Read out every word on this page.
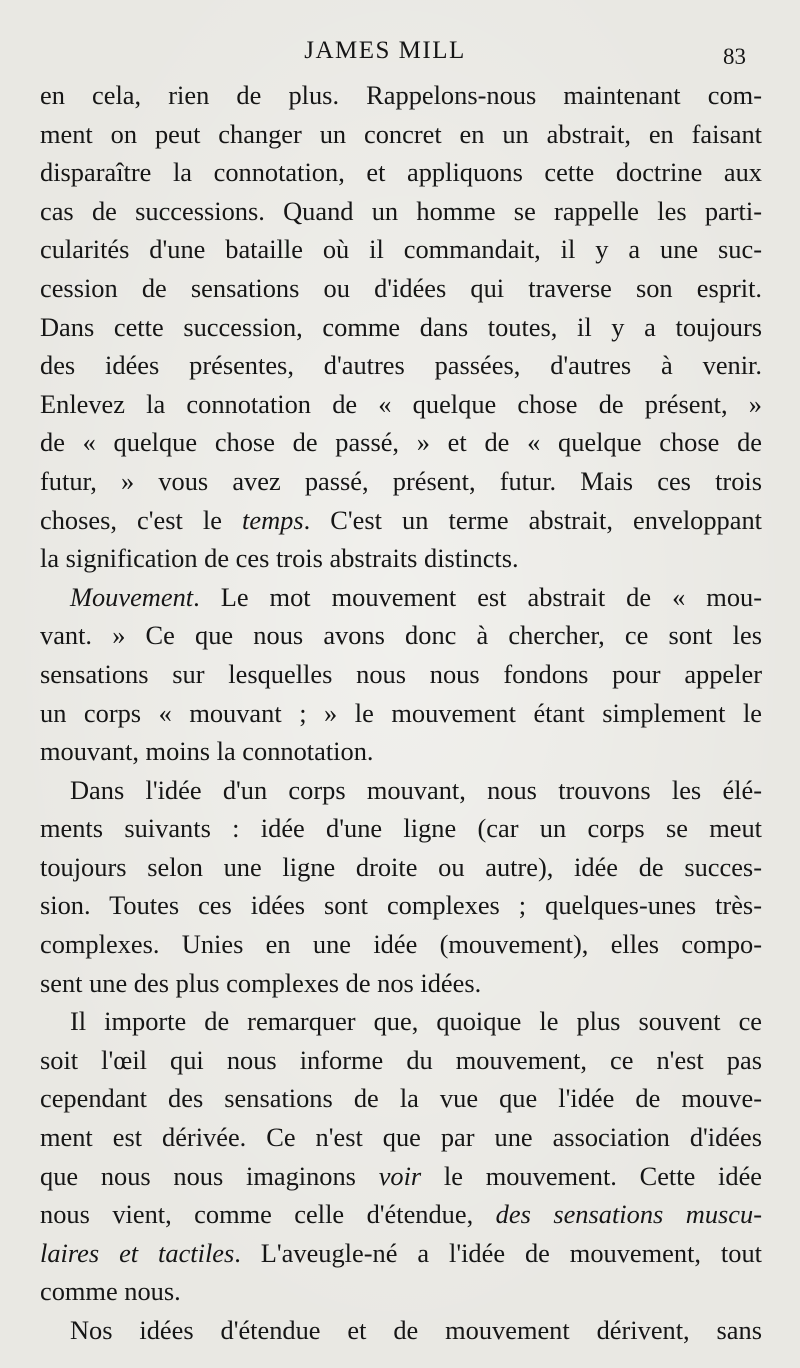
JAMES MILL	83
en cela, rien de plus. Rappelons-nous maintenant com-
ment on peut changer un concret en un abstrait, en faisant
disparaître la connotation, et appliquons cette doctrine aux
cas de successions. Quand un homme se rappelle les parti-
cularités d'une bataille où il commandait, il y a une suc-
cession de sensations ou d'idées qui traverse son esprit.
Dans cette succession, comme dans toutes, il y a toujours
des idées présentes, d'autres passées, d'autres à venir.
Enlevez la connotation de « quelque chose de présent, »
de « quelque chose de passé, » et de « quelque chose de
futur, » vous avez passé, présent, futur. Mais ces trois
choses, c'est le temps. C'est un terme abstrait, enveloppant
la signification de ces trois abstraits distincts.
Mouvement. Le mot mouvement est abstrait de « mou-
vant. » Ce que nous avons donc à chercher, ce sont les
sensations sur lesquelles nous nous fondons pour appeler
un corps « mouvant ; » le mouvement étant simplement le
mouvant, moins la connotation.
Dans l'idée d'un corps mouvant, nous trouvons les élé-
ments suivants : idée d'une ligne (car un corps se meut
toujours selon une ligne droite ou autre), idée de succes-
sion. Toutes ces idées sont complexes ; quelques-unes très-
complexes. Unies en une idée (mouvement), elles compo-
sent une des plus complexes de nos idées.
Il importe de remarquer que, quoique le plus souvent ce
soit l'œil qui nous informe du mouvement, ce n'est pas
cependant des sensations de la vue que l'idée de mouve-
ment est dérivée. Ce n'est que par une association d'idées
que nous nous imaginons voir le mouvement. Cette idée
nous vient, comme celle d'étendue, des sensations muscu-
laires et tactiles. L'aveugle-né a l'idée de mouvement, tout
comme nous.
Nos idées d'étendue et de mouvement dérivent, sans
